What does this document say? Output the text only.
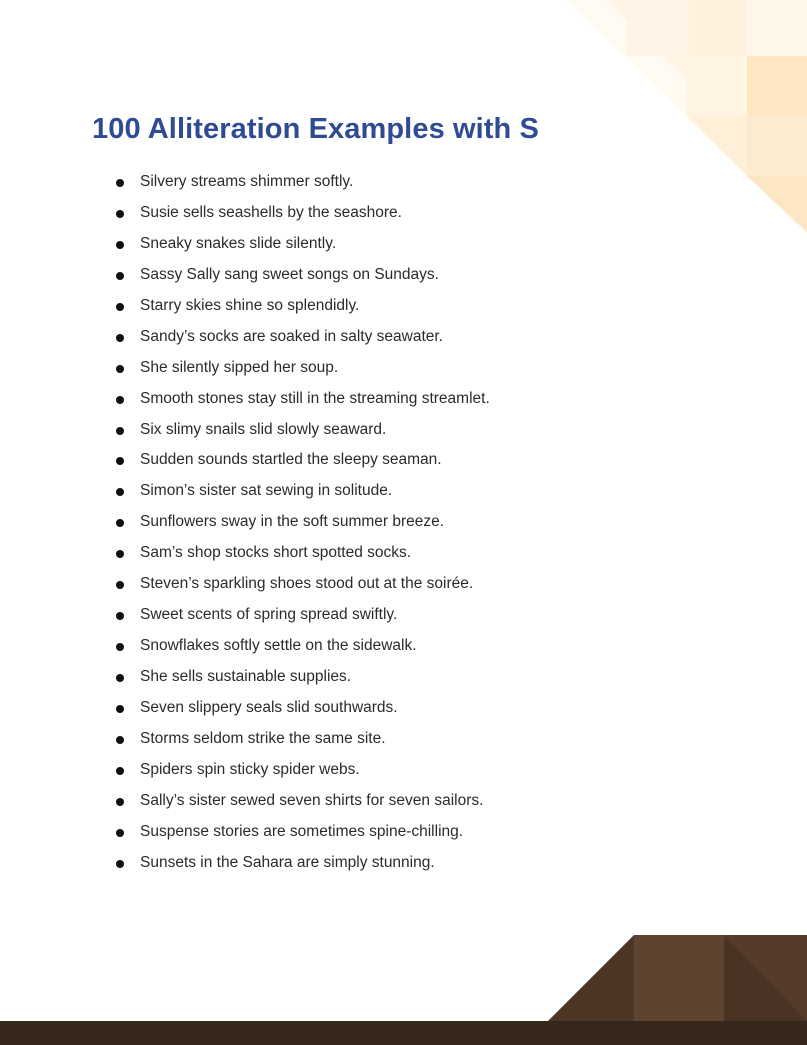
100 Alliteration Examples with S
Silvery streams shimmer softly.
Susie sells seashells by the seashore.
Sneaky snakes slide silently.
Sassy Sally sang sweet songs on Sundays.
Starry skies shine so splendidly.
Sandy’s socks are soaked in salty seawater.
She silently sipped her soup.
Smooth stones stay still in the streaming streamlet.
Six slimy snails slid slowly seaward.
Sudden sounds startled the sleepy seaman.
Simon’s sister sat sewing in solitude.
Sunflowers sway in the soft summer breeze.
Sam’s shop stocks short spotted socks.
Steven’s sparkling shoes stood out at the soirée.
Sweet scents of spring spread swiftly.
Snowflakes softly settle on the sidewalk.
She sells sustainable supplies.
Seven slippery seals slid southwards.
Storms seldom strike the same site.
Spiders spin sticky spider webs.
Sally’s sister sewed seven shirts for seven sailors.
Suspense stories are sometimes spine-chilling.
Sunsets in the Sahara are simply stunning.
